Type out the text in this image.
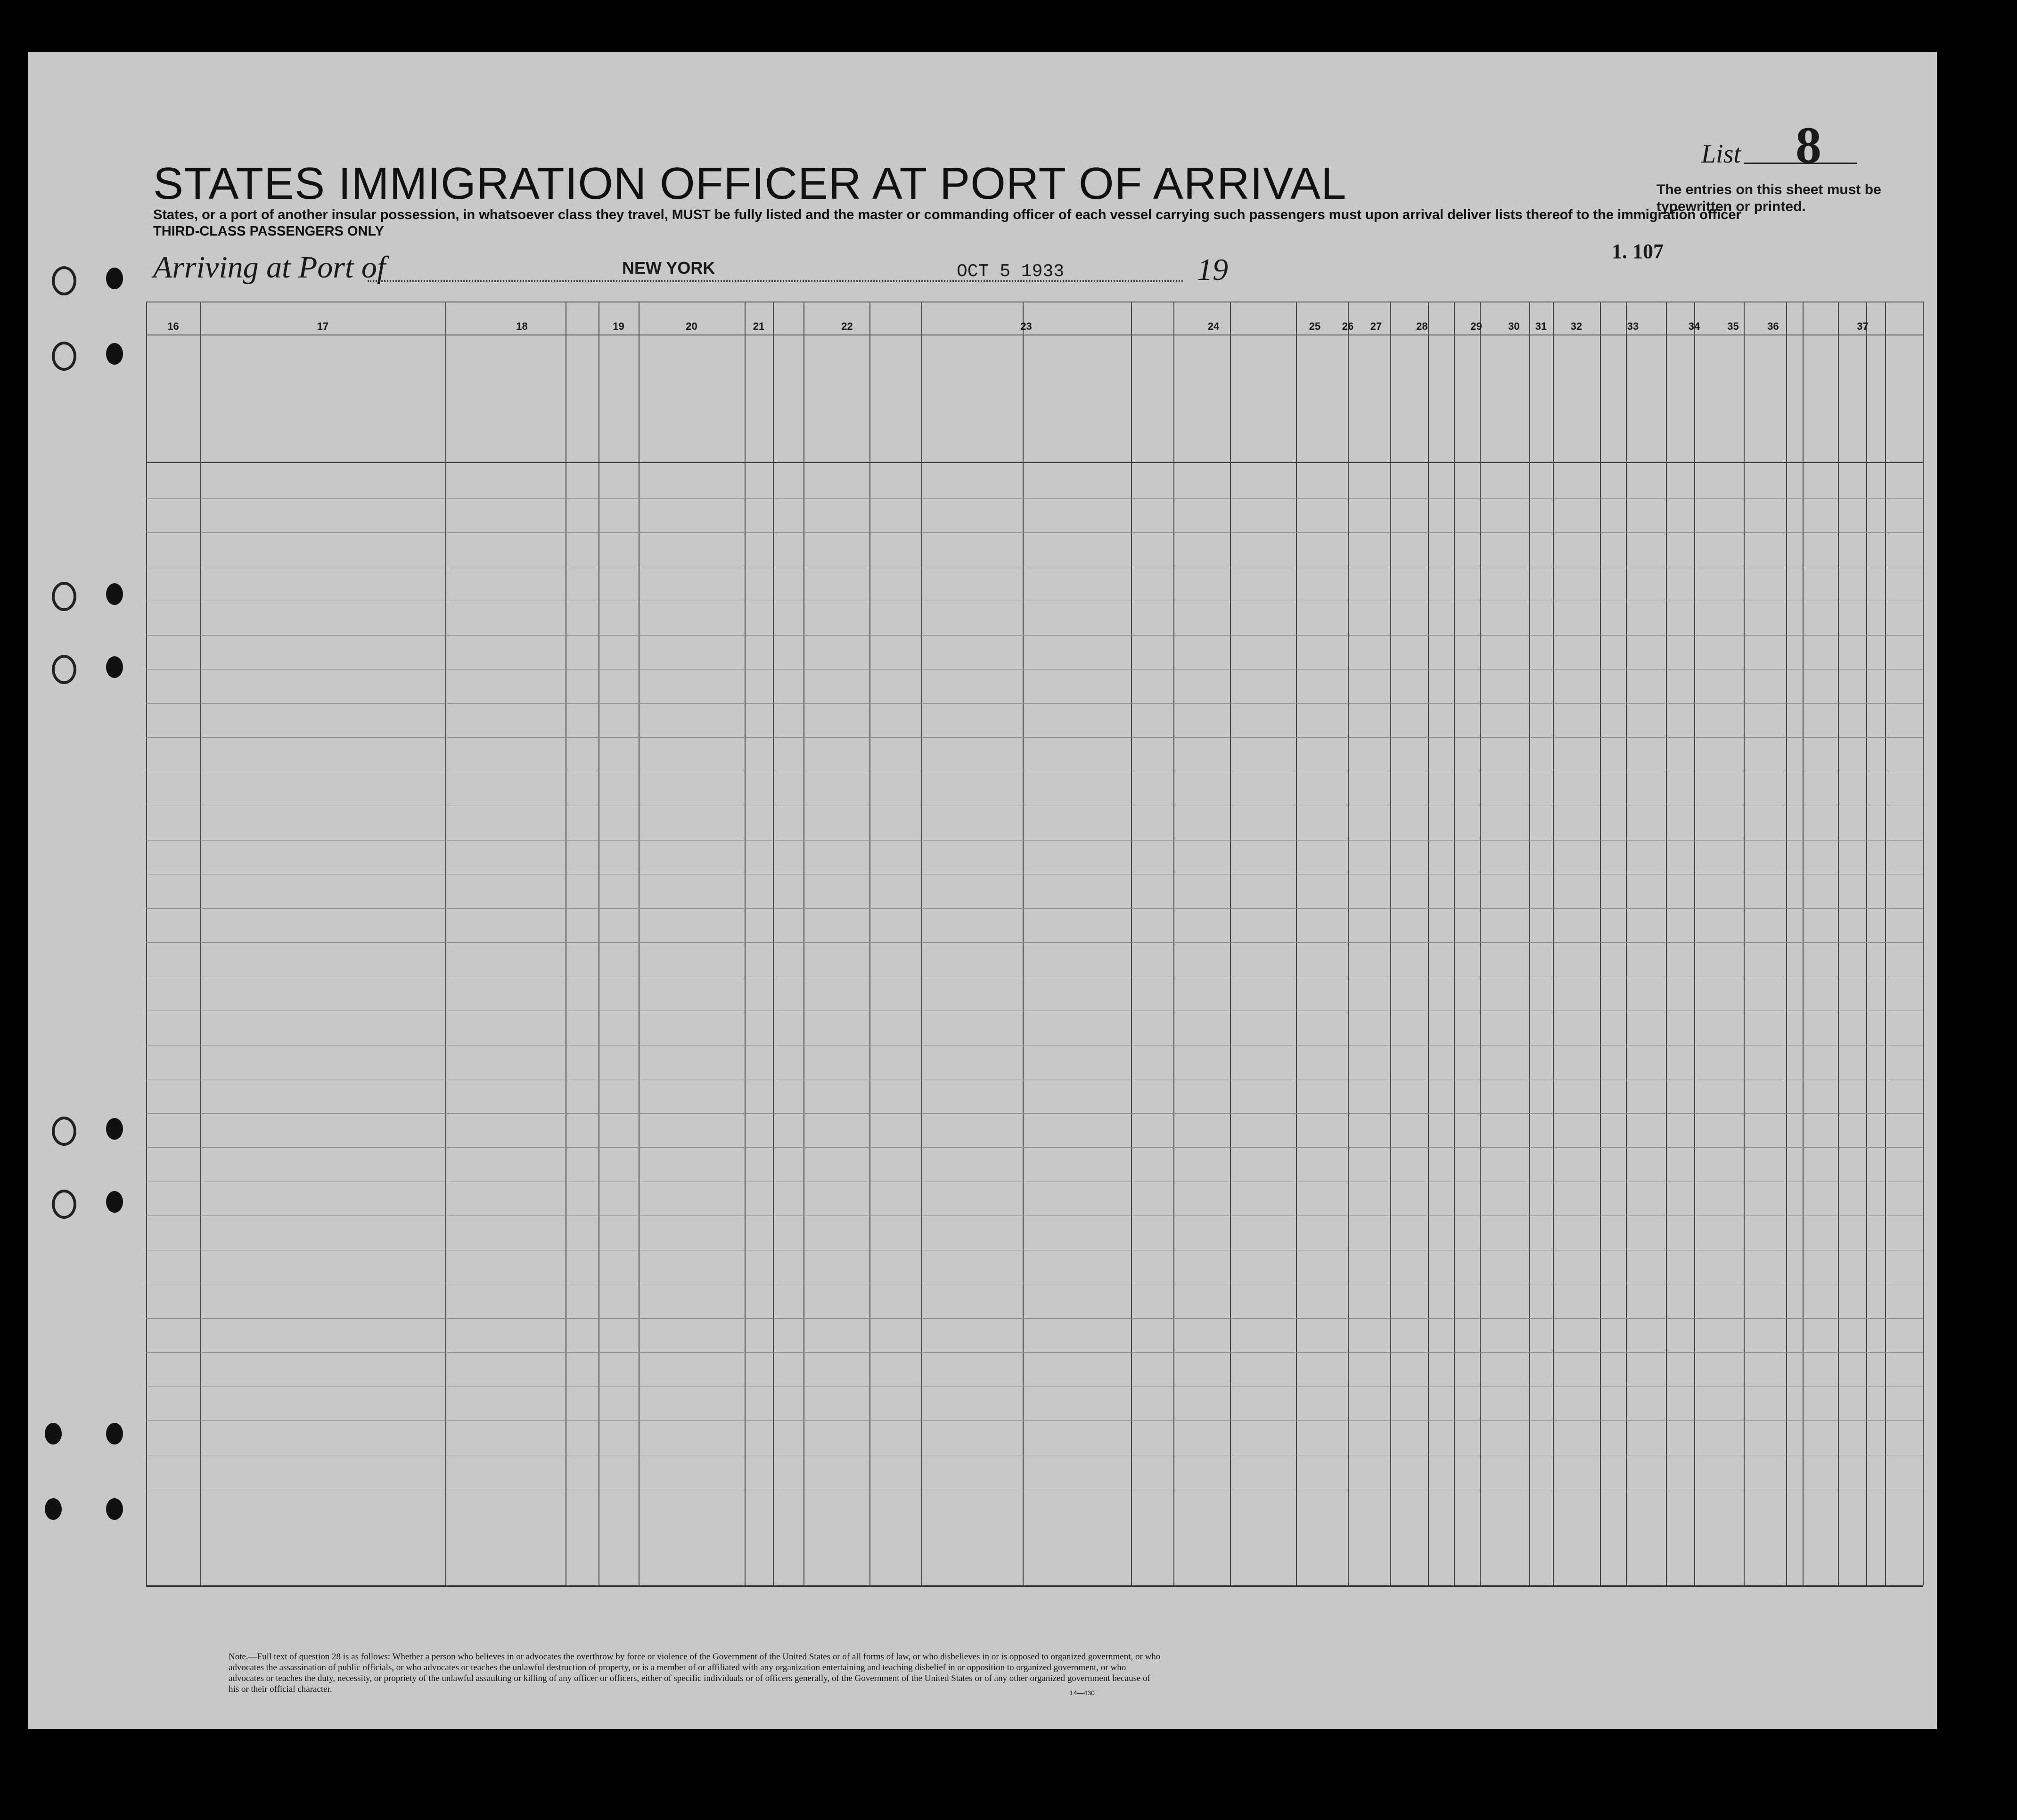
STATES IMMIGRATION OFFICER AT PORT OF ARRIVAL
States, or a port of another insular possession, in whatsoever class they travel, MUST be fully listed and the master or commanding officer of each vessel carrying such passengers must upon arrival deliver lists thereof to the immigration officer
THIRD-CLASS PASSENGERS ONLY
List 8
The entries on this sheet must be typewritten or printed.
Arriving at Port of	NEW YORK	OCT 5 1933	19
1. 107
16	17	18	19	20	21	22	23	24	25	26	27	28	29	30	31	32	33	34	35	36	37
Note.—Full text of question 28 is as follows: Whether a person who believes in or advocates the overthrow by force or violence of the Government of the United States or of all forms of law, or who disbelieves in or is opposed to organized government, or who advocates the assassination of public officials, or who advocates or teaches the unlawful destruction of property, or is a member of or affiliated with any organization entertaining and teaching disbelief in or opposition to organized government, or who advocates or teaches the duty, necessity, or propriety of the unlawful assaulting or killing of any officer or officers, either of specific individuals or of officers generally, of the Government of the United States or of any other organized government because of his or their official character.	14—430
